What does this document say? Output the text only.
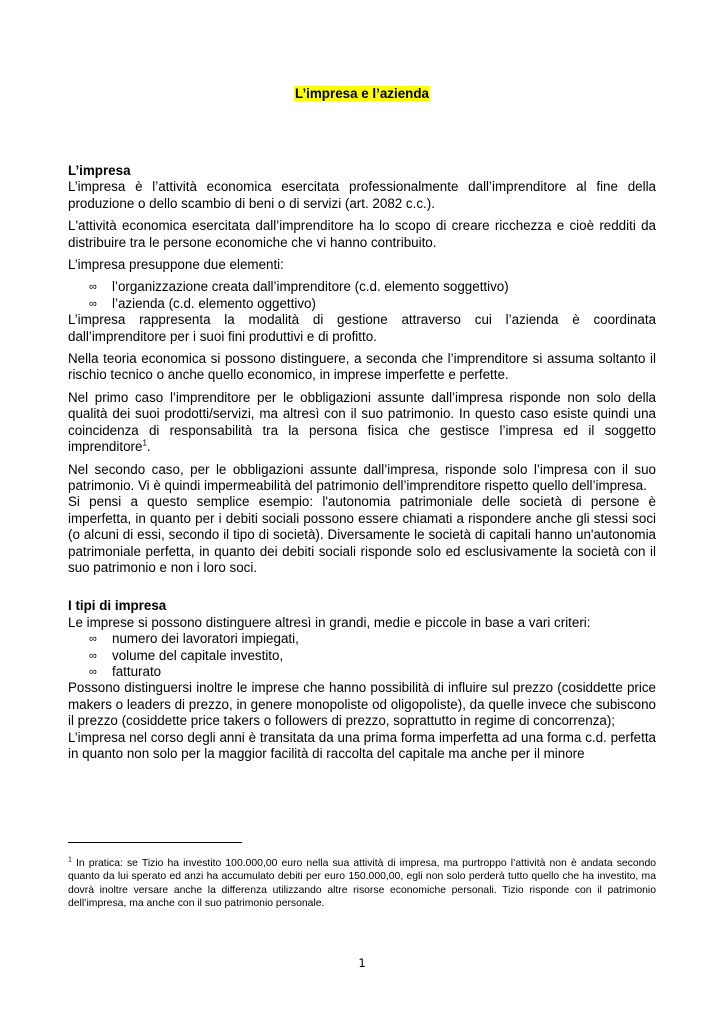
L’impresa e l’azienda

L’impresa

L’impresa è l’attività economica esercitata professionalmente dall’imprenditore al fine della produzione o dello scambio di beni o di servizi (art. 2082 c.c.).

L'attività economica esercitata dall’imprenditore ha lo scopo di creare ricchezza e cioè redditi da distribuire tra le persone economiche che vi hanno contribuito.

L’impresa presuppone due elementi:

∞ l’organizzazione creata dall’imprenditore (c.d. elemento soggettivo)
∞ l’azienda (c.d. elemento oggettivo)

L’impresa rappresenta la modalità di gestione attraverso cui l’azienda è coordinata dall’imprenditore per i suoi fini produttivi e di profitto.

Nella teoria economica si possono distinguere, a seconda che l’imprenditore si assuma soltanto il rischio tecnico o anche quello economico, in imprese imperfette e perfette.

Nel primo caso l’imprenditore per le obbligazioni assunte dall’impresa risponde non solo della qualità dei suoi prodotti/servizi, ma altresì con il suo patrimonio. In questo caso esiste quindi una coincidenza di responsabilità tra la persona fisica che gestisce l’impresa ed il soggetto imprenditore$^1$.

Nel secondo caso, per le obbligazioni assunte dall’impresa, risponde solo l’impresa con il suo patrimonio. Vi è quindi impermeabilità del patrimonio dell’imprenditore rispetto quello dell’impresa.

Si pensi a questo semplice esempio: l'autonomia patrimoniale delle società di persone è imperfetta, in quanto per i debiti sociali possono essere chiamati a rispondere anche gli stessi soci (o alcuni di essi, secondo il tipo di società). Diversamente le società di capitali hanno un'autonomia patrimoniale perfetta, in quanto dei debiti sociali risponde solo ed esclusivamente la società con il suo patrimonio e non i loro soci.

I tipi di impresa

Le imprese si possono distinguere altresì in grandi, medie e piccole in base a vari criteri:

∞ numero dei lavoratori impiegati,
∞ volume del capitale investito,
∞ fatturato

Possono distinguersi inoltre le imprese che hanno possibilità di influire sul prezzo (cosiddette price makers o leaders di prezzo, in genere monopoliste od oligopoliste), da quelle invece che subiscono il prezzo (cosiddette price takers o followers di prezzo, soprattutto in regime di concorrenza);

L’impresa nel corso degli anni è transitata da una prima forma imperfetta ad una forma c.d. perfetta in quanto non solo per la maggior facilità di raccolta del capitale ma anche per il minore

$^1$ In pratica: se Tizio ha investito 100.000,00 euro nella sua attività di impresa, ma purtroppo l’attività non è andata secondo quanto da lui sperato ed anzi ha accumulato debiti per euro 150.000,00, egli non solo perderà tutto quello che ha investito, ma dovrà inoltre versare anche la differenza utilizzando altre risorse economiche personali. Tizio risponde con il patrimonio dell’impresa, ma anche con il suo patrimonio personale.
1
